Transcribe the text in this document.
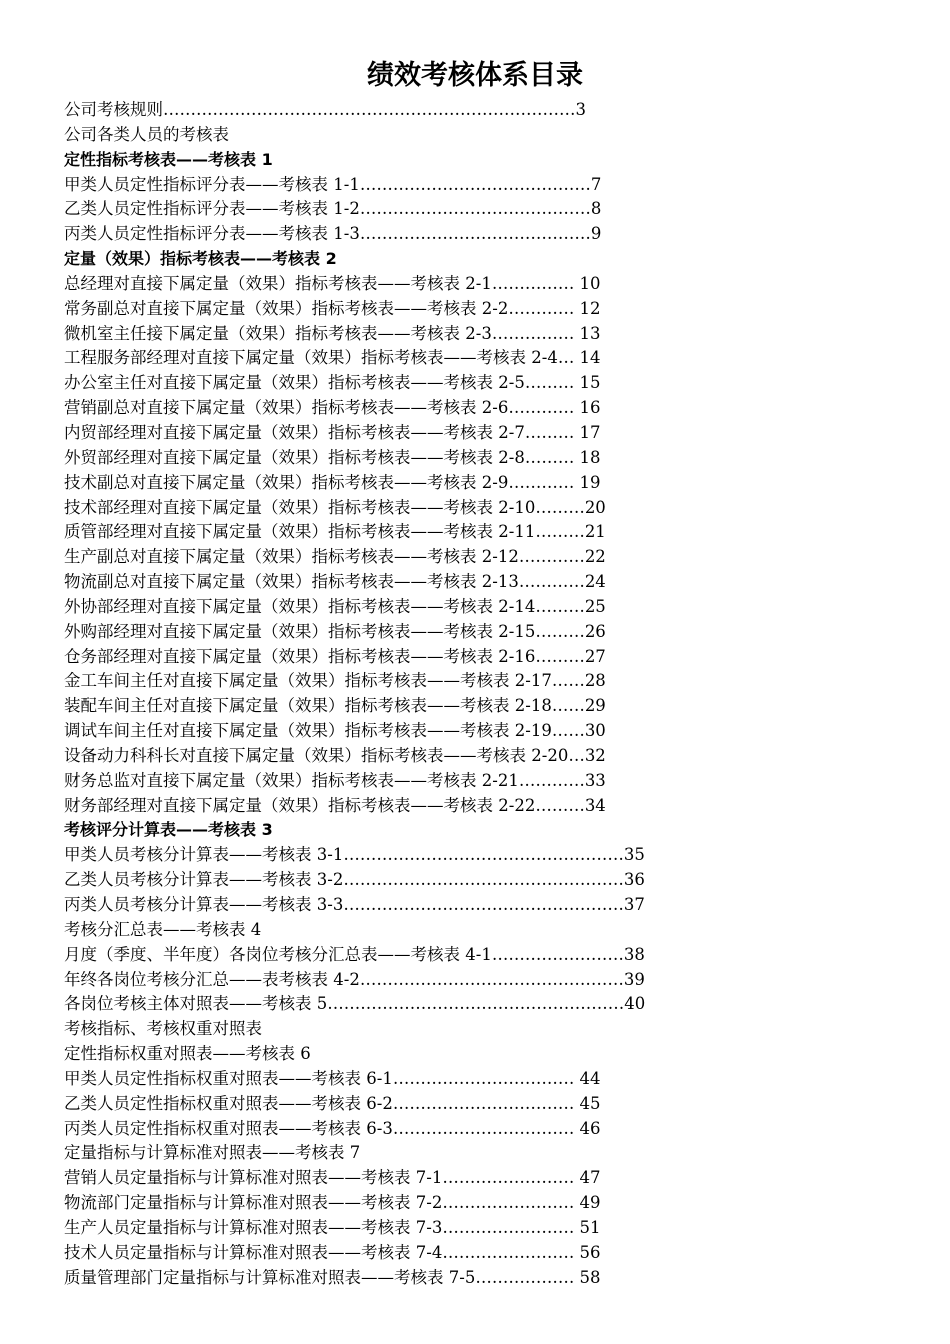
绩效考核体系目录
公司考核规则…………………………………………………………………3
公司各类人员的考核表
定性指标考核表——考核表 1
甲类人员定性指标评分表——考核表 1-1……………………………………7
乙类人员定性指标评分表——考核表 1-2……………………………………8
丙类人员定性指标评分表——考核表 1-3……………………………………9
定量（效果）指标考核表——考核表 2
总经理对直接下属定量（效果）指标考核表——考核表 2-1…………… 10
常务副总对直接下属定量（效果）指标考核表——考核表 2-2………… 12
微机室主任接下属定量（效果）指标考核表——考核表 2-3…………… 13
工程服务部经理对直接下属定量（效果）指标考核表——考核表 2-4… 14
办公室主任对直接下属定量（效果）指标考核表——考核表 2-5……… 15
营销副总对直接下属定量（效果）指标考核表——考核表 2-6………… 16
内贸部经理对直接下属定量（效果）指标考核表——考核表 2-7……… 17
外贸部经理对直接下属定量（效果）指标考核表——考核表 2-8……… 18
技术副总对直接下属定量（效果）指标考核表——考核表 2-9………… 19
技术部经理对直接下属定量（效果）指标考核表——考核表 2-10………20
质管部经理对直接下属定量（效果）指标考核表——考核表 2-11………21
生产副总对直接下属定量（效果）指标考核表——考核表 2-12…………22
物流副总对直接下属定量（效果）指标考核表——考核表 2-13…………24
外协部经理对直接下属定量（效果）指标考核表——考核表 2-14………25
外购部经理对直接下属定量（效果）指标考核表——考核表 2-15………26
仓务部经理对直接下属定量（效果）指标考核表——考核表 2-16………27
金工车间主任对直接下属定量（效果）指标考核表——考核表 2-17……28
装配车间主任对直接下属定量（效果）指标考核表——考核表 2-18……29
调试车间主任对直接下属定量（效果）指标考核表——考核表 2-19……30
设备动力科科长对直接下属定量（效果）指标考核表——考核表 2-20…32
财务总监对直接下属定量（效果）指标考核表——考核表 2-21…………33
财务部经理对直接下属定量（效果）指标考核表——考核表 2-22………34
考核评分计算表——考核表 3
甲类人员考核分计算表——考核表 3-1……………………………………………35
乙类人员考核分计算表——考核表 3-2……………………………………………36
丙类人员考核分计算表——考核表 3-3……………………………………………37
考核分汇总表——考核表 4
月度（季度、半年度）各岗位考核分汇总表——考核表 4-1……………………38
年终各岗位考核分汇总——表考核表 4-2…………………………………………39
各岗位考核主体对照表——考核表 5………………………………………………40
考核指标、考核权重对照表
定性指标权重对照表——考核表 6
甲类人员定性指标权重对照表——考核表 6-1…………………………… 44
乙类人员定性指标权重对照表——考核表 6-2…………………………… 45
丙类人员定性指标权重对照表——考核表 6-3…………………………… 46
定量指标与计算标准对照表——考核表 7
营销人员定量指标与计算标准对照表——考核表 7-1…………………… 47
物流部门定量指标与计算标准对照表——考核表 7-2…………………… 49
生产人员定量指标与计算标准对照表——考核表 7-3…………………… 51
技术人员定量指标与计算标准对照表——考核表 7-4…………………… 56
质量管理部门定量指标与计算标准对照表——考核表 7-5……………… 58
